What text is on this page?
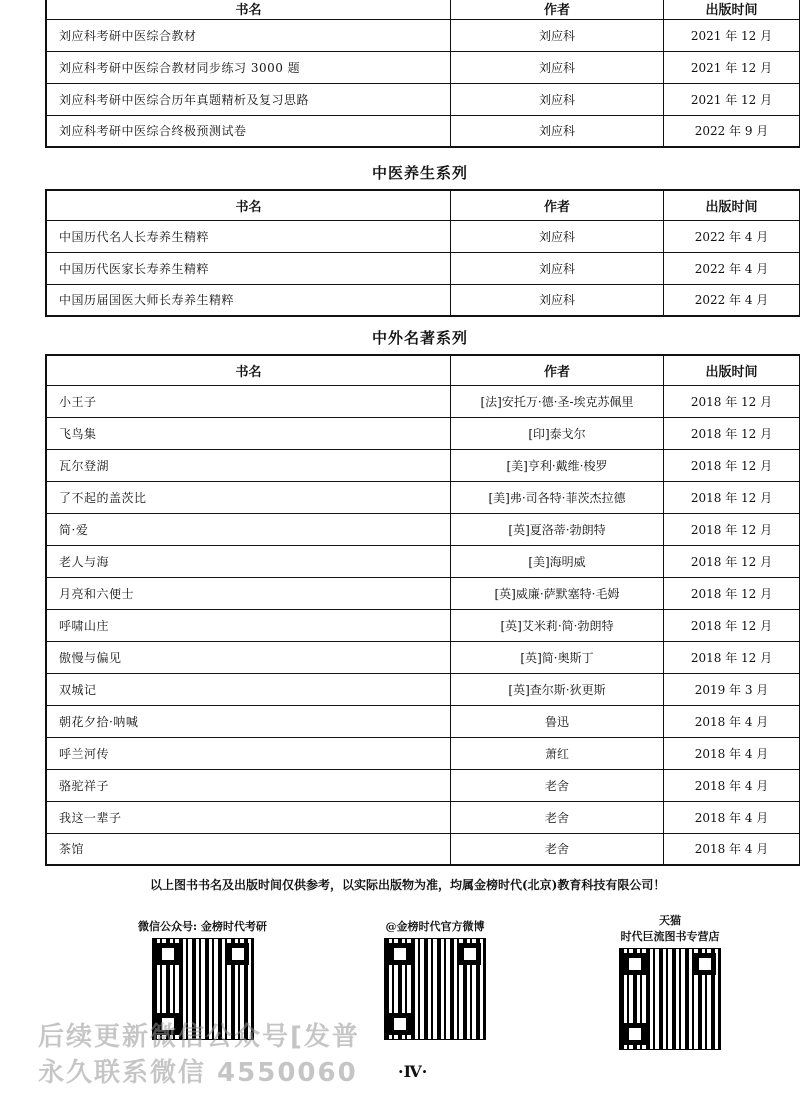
书名	作者	出版时间
刘应科考研中医综合教材	刘应科	2021 年 12 月
刘应科考研中医综合教材同步练习 3000 题	刘应科	2021 年 12 月
刘应科考研中医综合历年真题精析及复习思路	刘应科	2021 年 12 月
刘应科考研中医综合终极预测试卷	刘应科	2022 年 9 月
中医养生系列
书名	作者	出版时间
中国历代名人长寿养生精粹	刘应科	2022 年 4 月
中国历代医家长寿养生精粹	刘应科	2022 年 4 月
中国历届国医大师长寿养生精粹	刘应科	2022 年 4 月
中外名著系列
书名	作者	出版时间
小王子	[法]安托万·德·圣-埃克苏佩里	2018 年 12 月
飞鸟集	[印]泰戈尔	2018 年 12 月
瓦尔登湖	[美]亨利·戴维·梭罗	2018 年 12 月
了不起的盖茨比	[美]弗·司各特·菲茨杰拉德	2018 年 12 月
简·爱	[英]夏洛蒂·勃朗特	2018 年 12 月
老人与海	[美]海明威	2018 年 12 月
月亮和六便士	[英]威廉·萨默塞特·毛姆	2018 年 12 月
呼啸山庄	[英]艾米莉·简·勃朗特	2018 年 12 月
傲慢与偏见	[英]简·奥斯丁	2018 年 12 月
双城记	[英]查尔斯·狄更斯	2019 年 3 月
朝花夕拾·呐喊	鲁迅	2018 年 4 月
呼兰河传	萧红	2018 年 4 月
骆驼祥子	老舍	2018 年 4 月
我这一辈子	老舍	2018 年 4 月
茶馆	老舍	2018 年 4 月
以上图书书名及出版时间仅供参考，以实际出版物为准，均属金榜时代(北京)教育科技有限公司！
微信公众号: 金榜时代考研	@金榜时代官方微博	天猫
时代巨流图书专营店
后续更新微信公众号[发普
永久联系微信 4550060	·Ⅳ·
